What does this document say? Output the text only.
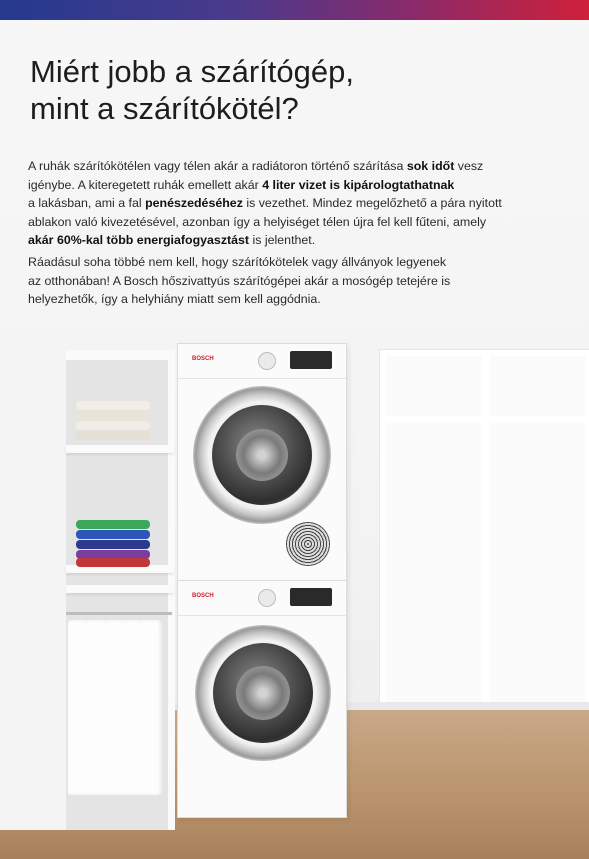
BOSCH
BOSCH
Miért jobb a szárítógép,
mint a szárítókötél?
A ruhák szárítókötélen vagy télen akár a radiátoron történő szárítása sok időt vesz
igénybe. A kiteregetett ruhák emellett akár 4 liter vizet is kipárologtathatnak
a lakásban, ami a fal penészedéséhez is vezethet. Mindez megelőzhető a pára nyitott
ablakon való kivezetésével, azonban így a helyiséget télen újra fel kell fűteni, amely
akár 60%-kal több energiafogyasztást is jelenthet.
Ráadásul soha többé nem kell, hogy szárítókötelek vagy állványok legyenek
az otthonában! A Bosch hőszivattyús szárítógépei akár a mosógép tetejére is
helyezhetők, így a helyhiány miatt sem kell aggódnia.
